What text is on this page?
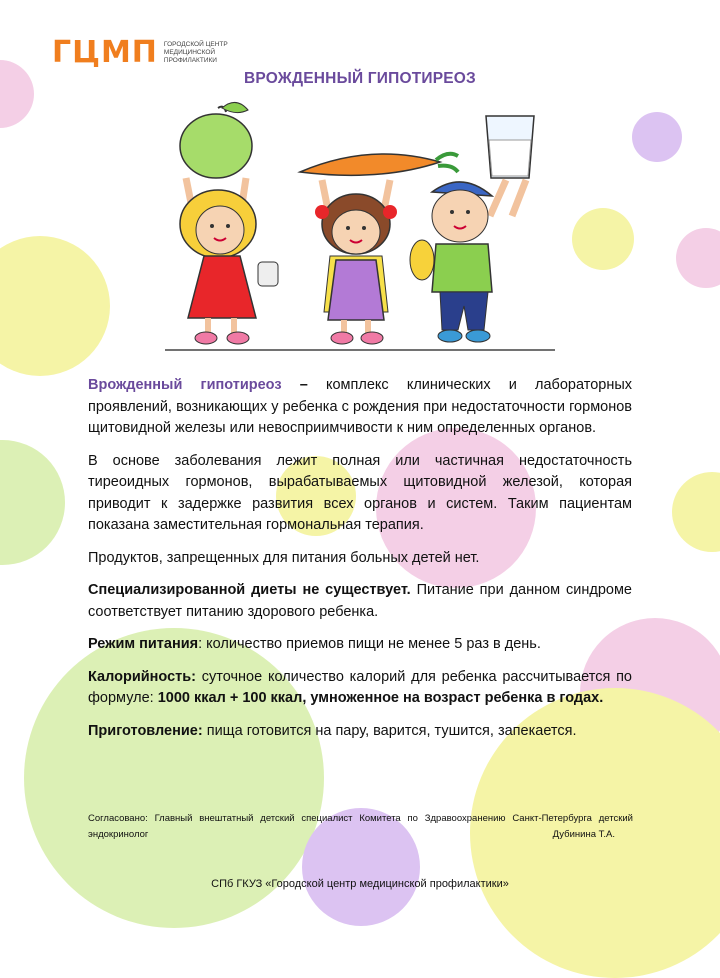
ГЦМП ГОРОДСКОЙ ЦЕНТР МЕДИЦИНСКОЙ ПРОФИЛАКТИКИ
ВРОЖДЕННЫЙ ГИПОТИРЕОЗ

Врожденный гипотиреоз – комплекс клинических и лабораторных проявлений, возникающих у ребенка с рождения при недостаточности гормонов щитовидной железы или невосприимчивости к ним определенных органов.

В основе заболевания лежит полная или частичная недостаточность тиреоидных гормонов, вырабатываемых щитовидной железой, которая приводит к задержке развития всех органов и систем. Таким пациентам показана заместительная гормональная терапия.

Продуктов, запрещенных для питания больных детей нет.

Специализированной диеты не существует. Питание при данном синдроме соответствует питанию здорового ребенка.

Режим питания: количество приемов пищи не менее 5 раз в день.

Калорийность: суточное количество калорий для ребенка рассчитывается по формуле: 1000 ккал + 100 ккал, умноженное на возраст ребенка в годах.

Приготовление: пища готовится на пару, варится, тушится, запекается.

Согласовано: Главный внештатный детский специалист Комитета по Здравоохранению Санкт-Петербурга детский эндокринолог	Дубинина Т.А.
СПб ГКУЗ «Городской центр медицинской профилактики»
